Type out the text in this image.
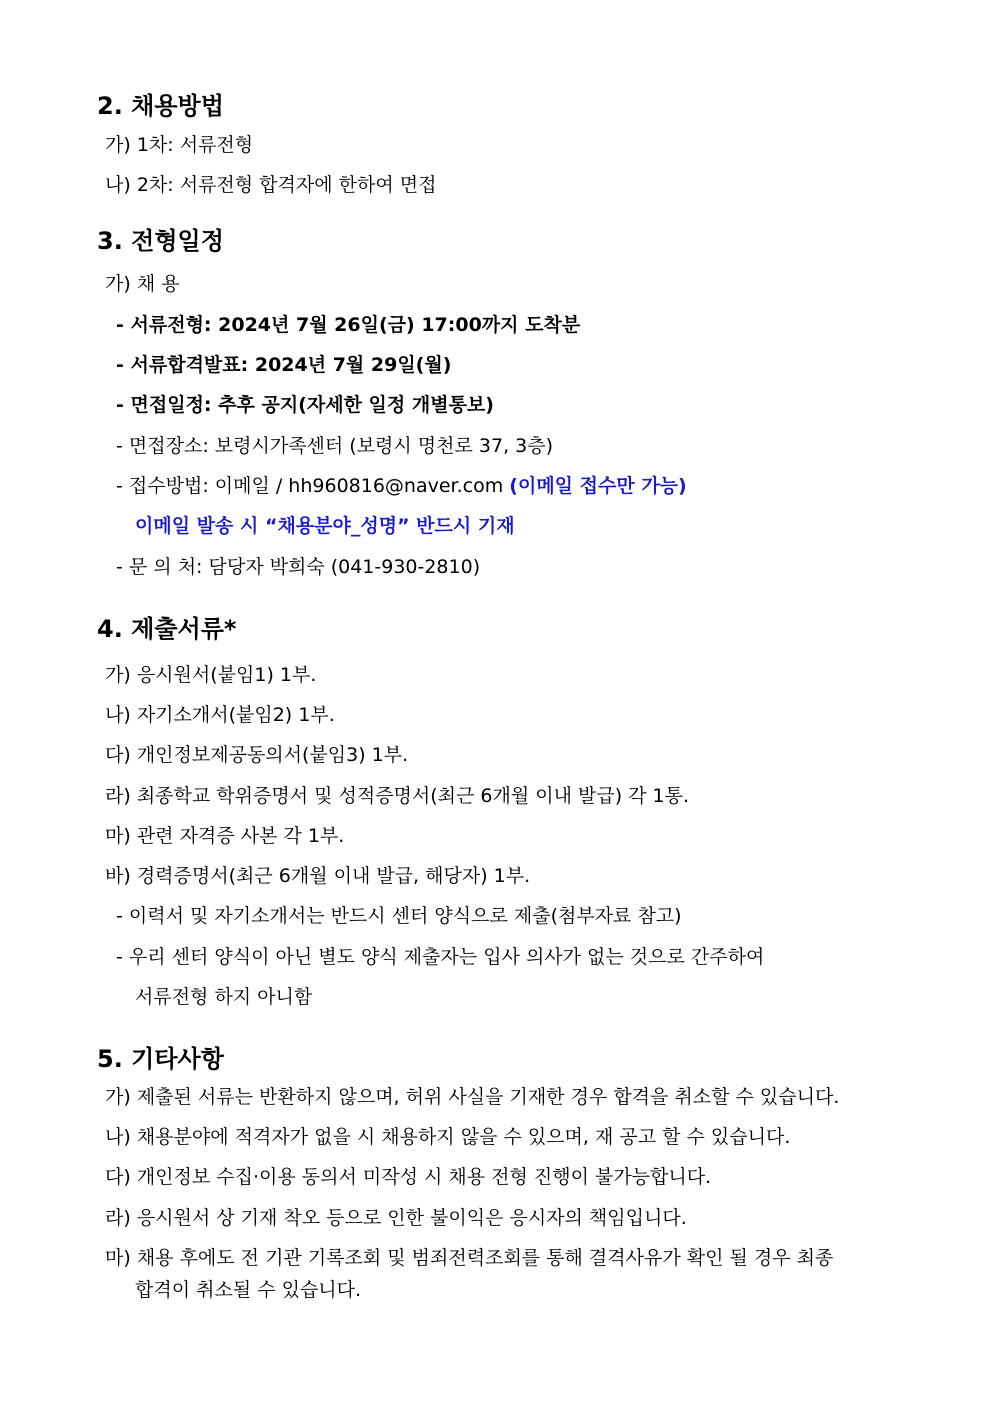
2. 채용방법
가) 1차: 서류전형
나) 2차: 서류전형 합격자에 한하여 면접
3. 전형일정
가) 채 용
- 서류전형: 2024년 7월 26일(금) 17:00까지 도착분
- 서류합격발표: 2024년 7월 29일(월)
- 면접일정: 추후 공지(자세한 일정 개별통보)
- 면접장소: 보령시가족센터 (보령시 명천로 37, 3층)
- 접수방법: 이메일 / hh960816@naver.com (이메일 접수만 가능)
이메일 발송 시 “채용분야_성명” 반드시 기재
- 문 의 처: 담당자 박희숙 (041-930-2810)
4. 제출서류*
가) 응시원서(붙임1) 1부.
나) 자기소개서(붙임2) 1부.
다) 개인정보제공동의서(붙임3) 1부.
라) 최종학교 학위증명서 및 성적증명서(최근 6개월 이내 발급) 각 1통.
마) 관련 자격증 사본 각 1부.
바) 경력증명서(최근 6개월 이내 발급, 해당자) 1부.
- 이력서 및 자기소개서는 반드시 센터 양식으로 제출(첨부자료 참고)
- 우리 센터 양식이 아닌 별도 양식 제출자는 입사 의사가 없는 것으로 간주하여
서류전형 하지 아니함
5. 기타사항
가) 제출된 서류는 반환하지 않으며, 허위 사실을 기재한 경우 합격을 취소할 수 있습니다.
나) 채용분야에 적격자가 없을 시 채용하지 않을 수 있으며, 재 공고 할 수 있습니다.
다) 개인정보 수집·이용 동의서 미작성 시 채용 전형 진행이 불가능합니다.
라) 응시원서 상 기재 착오 등으로 인한 불이익은 응시자의 책임입니다.
마) 채용 후에도 전 기관 기록조회 및 범죄전력조회를 통해 결격사유가 확인 될 경우 최종
합격이 취소될 수 있습니다.
